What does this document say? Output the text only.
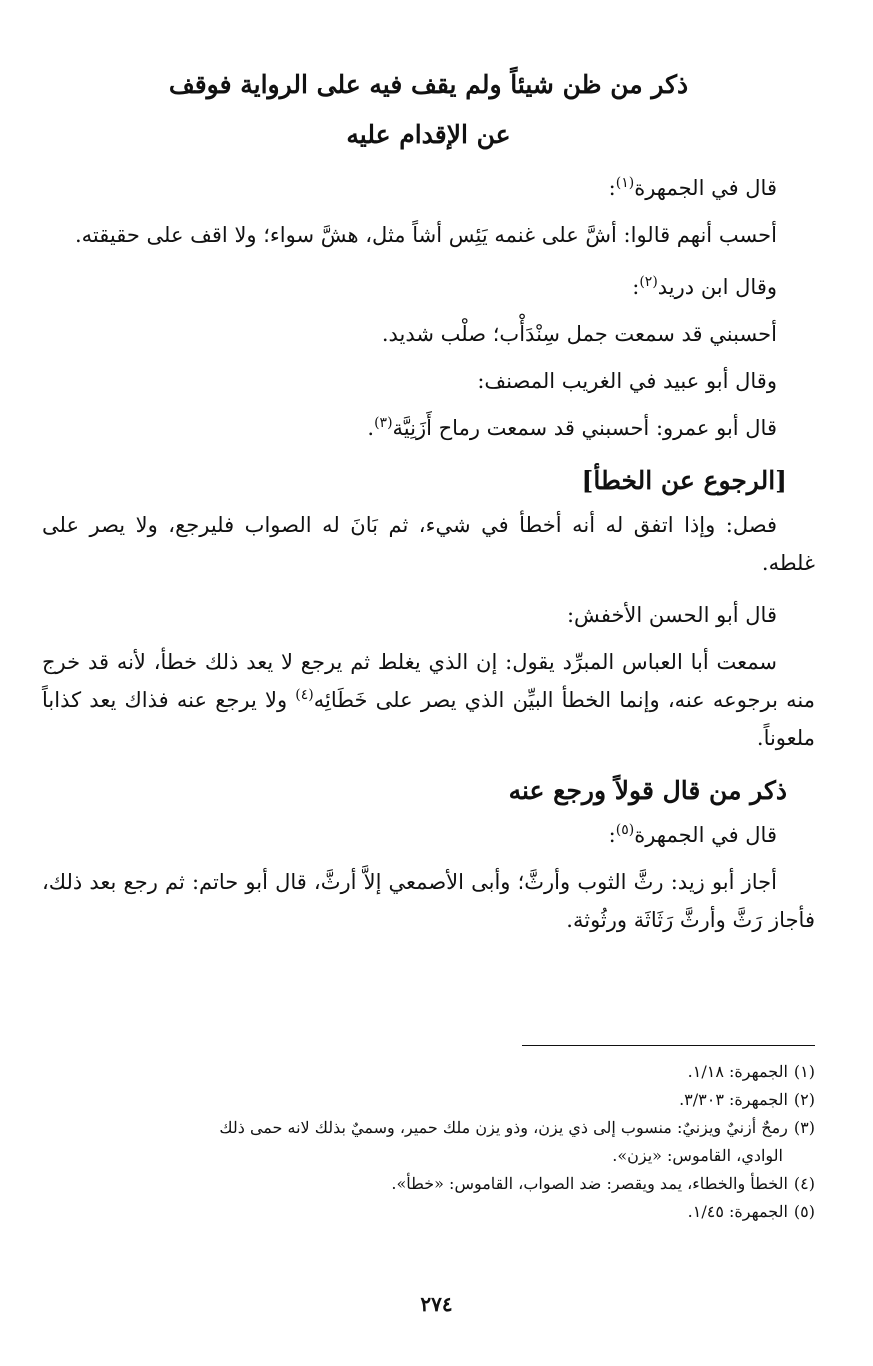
ذكر من ظن شيئاً ولم يقف فيه على الرواية فوقف

عن الإقدام عليه

قال في الجمهرة$^{(١)}$:

أحسب أنهم قالوا: أشَّ على غنمه يَئِس أشاً مثل، هشَّ سواء؛ ولا اقف على حقيقته.

وقال ابن دريد$^{(٢)}$:

أحسبني قد سمعت جمل سِنْدَأْب؛ صلْب شديد.

وقال أبو عبيد في الغريب المصنف:

قال أبو عمرو: أحسبني قد سمعت رماح أَزَنِيَّة$^{(٣)}$.

[الرجوع عن الخطأ]

فصل: وإذا اتفق له أنه أخطأ في شيء، ثم بَانَ له الصواب فليرجع، ولا يصر على غلطه.

قال أبو الحسن الأخفش:

سمعت أبا العباس المبرِّد يقول: إن الذي يغلط ثم يرجع لا يعد ذلك خطأ، لأنه قد خرج منه برجوعه عنه، وإنما الخطأ البيِّن الذي يصر على خَطَائِه$^{(٤)}$ ولا يرجع عنه فذاك يعد كذاباً ملعوناً.

ذكر من قال قولاً ورجع عنه

قال في الجمهرة$^{(٥)}$:

أجاز أبو زيد: رثَّ الثوب وأرثَّ؛ وأبى الأصمعي إلاَّ أرثَّ، قال أبو حاتم: ثم رجع بعد ذلك، فأجاز رَثَّ وأرثَّ رَثَاثَة ورثُوثة.

(١)الجمهرة: ١/١٨.

(٢)الجمهرة: ٣/٣٠٣.

(٣)رمحٌ أزنيٌ ويزنيٌ: منسوب إلى ذي يزن، وذو يزن ملك حمير، وسميٌ بذلك لانه حمى ذلك

الوادي، القاموس: «يزن».

(٤)الخطأ والخطاء، يمد ويقصر: ضد الصواب، القاموس: «خطأ».

(٥)الجمهرة: ١/٤٥.

٢٧٤
